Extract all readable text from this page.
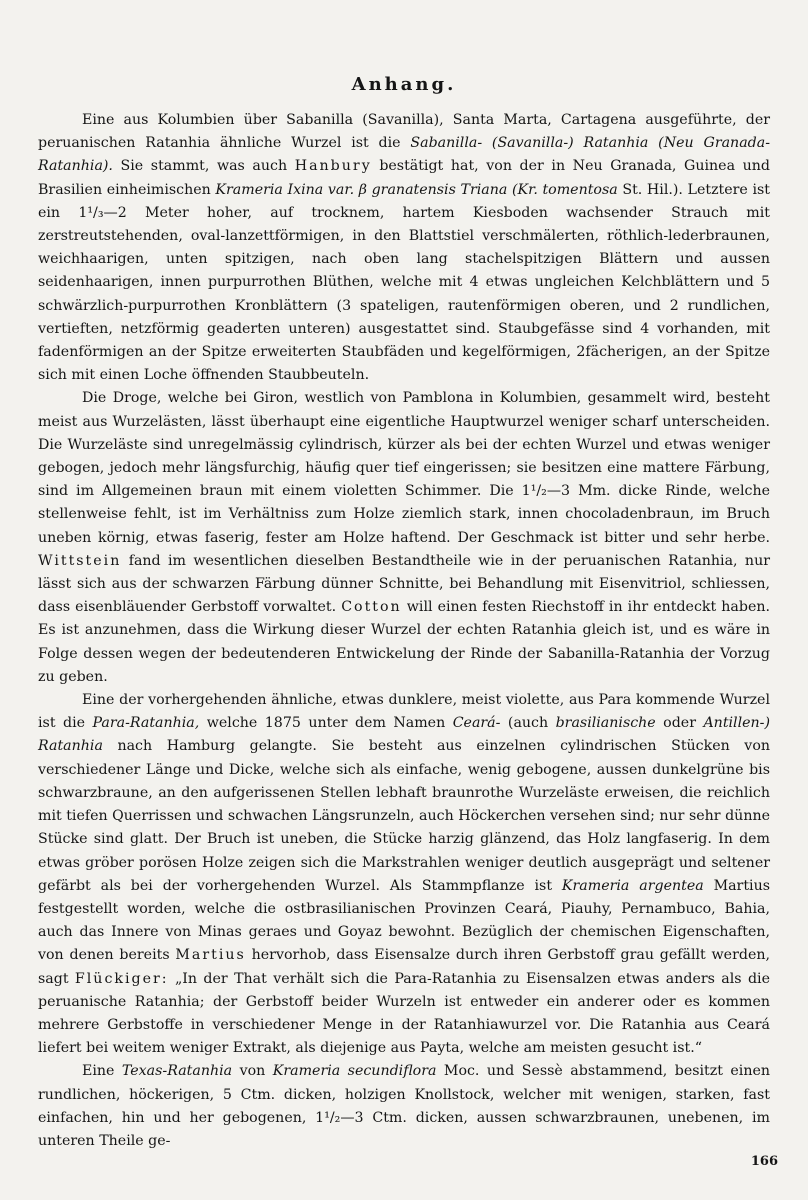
Anhang.

Eine aus Kolumbien über Sabanilla (Savanilla), Santa Marta, Cartagena ausgeführte, der peruanischen Ratanhia ähnliche Wurzel ist die Sabanilla- (Savanilla-) Ratanhia (Neu Granada-Ratanhia). Sie stammt, was auch Hanbury bestätigt hat, von der in Neu Granada, Guinea und Brasilien einheimischen Krameria Ixina var. β granatensis Triana (Kr. tomentosa St. Hil.). Letztere ist ein 1¹/₃—2 Meter hoher, auf trocknem, hartem Kiesboden wachsender Strauch mit zerstreutstehenden, oval-lanzettförmigen, in den Blattstiel verschmälerten, röthlich-lederbraunen, weichhaarigen, unten spitzigen, nach oben lang stachelspitzigen Blättern und aussen seidenhaarigen, innen purpurrothen Blüthen, welche mit 4 etwas ungleichen Kelchblättern und 5 schwärzlich-purpurrothen Kronblättern (3 spateligen, rautenförmigen oberen, und 2 rundlichen, vertieften, netzförmig geaderten unteren) ausgestattet sind. Staubgefässe sind 4 vorhanden, mit fadenförmigen an der Spitze erweiterten Staubfäden und kegelförmigen, 2fächerigen, an der Spitze sich mit einen Loche öffnenden Staubbeuteln.

Die Droge, welche bei Giron, westlich von Pamblona in Kolumbien, gesammelt wird, besteht meist aus Wurzelästen, lässt überhaupt eine eigentliche Hauptwurzel weniger scharf unterscheiden. Die Wurzeläste sind unregelmässig cylindrisch, kürzer als bei der echten Wurzel und etwas weniger gebogen, jedoch mehr längsfurchig, häufig quer tief eingerissen; sie besitzen eine mattere Färbung, sind im Allgemeinen braun mit einem violetten Schimmer. Die 1¹/₂—3 Mm. dicke Rinde, welche stellenweise fehlt, ist im Verhältniss zum Holze ziemlich stark, innen chocoladenbraun, im Bruch uneben körnig, etwas faserig, fester am Holze haftend. Der Geschmack ist bitter und sehr herbe. Wittstein fand im wesentlichen dieselben Bestandtheile wie in der peruanischen Ratanhia, nur lässt sich aus der schwarzen Färbung dünner Schnitte, bei Behandlung mit Eisenvitriol, schliessen, dass eisenbläuender Gerbstoff vorwaltet. Cotton will einen festen Riechstoff in ihr entdeckt haben. Es ist anzunehmen, dass die Wirkung dieser Wurzel der echten Ratanhia gleich ist, und es wäre in Folge dessen wegen der bedeutenderen Entwickelung der Rinde der Sabanilla-Ratanhia der Vorzug zu geben.

Eine der vorhergehenden ähnliche, etwas dunklere, meist violette, aus Para kommende Wurzel ist die Para-Ratanhia, welche 1875 unter dem Namen Ceará- (auch brasilianische oder Antillen-) Ratanhia nach Hamburg gelangte. Sie besteht aus einzelnen cylindrischen Stücken von verschiedener Länge und Dicke, welche sich als einfache, wenig gebogene, aussen dunkelgrüne bis schwarzbraune, an den aufgerissenen Stellen lebhaft braunrothe Wurzeläste erweisen, die reichlich mit tiefen Querrissen und schwachen Längsrunzeln, auch Höckerchen versehen sind; nur sehr dünne Stücke sind glatt. Der Bruch ist uneben, die Stücke harzig glänzend, das Holz langfaserig. In dem etwas gröber porösen Holze zeigen sich die Markstrahlen weniger deutlich ausgeprägt und seltener gefärbt als bei der vorhergehenden Wurzel. Als Stammpflanze ist Krameria argentea Martius festgestellt worden, welche die ostbrasilianischen Provinzen Ceará, Piauhy, Pernambuco, Bahia, auch das Innere von Minas geraes und Goyaz bewohnt. Bezüglich der chemischen Eigenschaften, von denen bereits Martius hervorhob, dass Eisensalze durch ihren Gerbstoff grau gefällt werden, sagt Flückiger: „In der That verhält sich die Para-Ratanhia zu Eisensalzen etwas anders als die peruanische Ratanhia; der Gerbstoff beider Wurzeln ist entweder ein anderer oder es kommen mehrere Gerbstoffe in verschiedener Menge in der Ratanhiawurzel vor. Die Ratanhia aus Ceará liefert bei weitem weniger Extrakt, als diejenige aus Payta, welche am meisten gesucht ist.“

Eine Texas-Ratanhia von Krameria secundiflora Moc. und Sessè abstammend, besitzt einen rundlichen, höckerigen, 5 Ctm. dicken, holzigen Knollstock, welcher mit wenigen, starken, fast einfachen, hin und her gebogenen, 1¹/₂—3 Ctm. dicken, aussen schwarzbraunen, unebenen, im unteren Theile ge-

166
